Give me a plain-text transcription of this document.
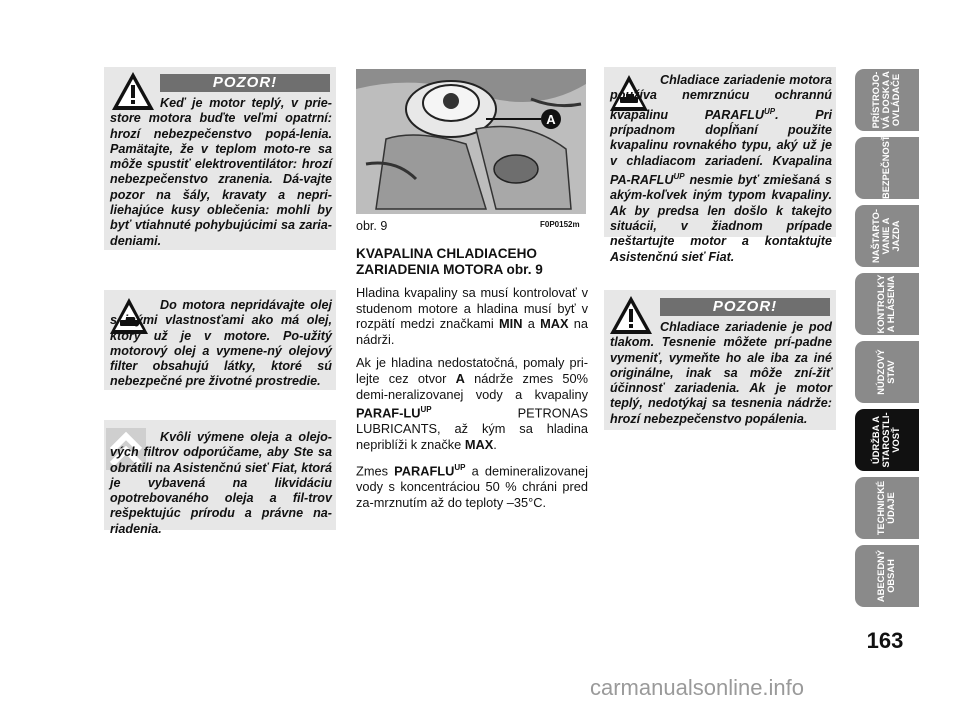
POZOR!

Keď je motor teplý, v prie-store motora buďte veľmi opatrní: hrozí nebezpečenstvo popá-lenia. Pamätajte, že v teplom moto-re sa môže spustiť elektroventilátor: hrozí nebezpečenstvo zranenia. Dá-vajte pozor na šály, kravaty a nepri-liehajúce kusy oblečenia: mohli by byť vtiahnuté pohybujúcimi sa zaria-deniami.

Do motora nepridávajte olej s inými vlastnosťami ako má olej, ktorý už je v motore. Po-užitý motorový olej a vymene-ný olejový filter obsahujú látky, ktoré sú nebezpečné pre životné prostredie.

Kvôli výmene oleja a olejo-vých filtrov odporúčame, aby Ste sa obrátili na Asistenčnú sieť Fiat, ktorá je vybavená na likvidáciu opotrebovaného oleja a fil-trov rešpektujúc prírodu a právne na-riadenia.

A
obr. 9	F0P0152m
KVAPALINA CHLADIACEHO
ZARIADENIA MOTORA obr. 9

Hladina kvapaliny sa musí kontrolovať v studenom motore a hladina musí byť v rozpätí medzi značkami MIN a MAX na nádrži.

Ak je hladina nedostatočná, pomaly pri-lejte cez otvor A nádrže zmes 50% demi-neralizovanej vody a kvapaliny PARAF-$LU^{UP}$ PETRONAS LUBRICANTS, až kým sa hladina nepriblíži k značke MAX.

Zmes $PARAFLU^{UP}$ a demineralizovanej vody s koncentráciou 50 % chráni pred za-mrznutím až do teploty –35°C.

Chladiace zariadenie motora používa nemrznúcu ochrannú kvapalinu $PARAFLU^{UP}$. Pri prípadnom dopĺňaní použite kvapalinu rovnakého typu, aký už je v chladiacom zariadení. Kvapalina $PA-RAFLU^{UP}$ nesmie byť zmiešaná s akým-koľvek iným typom kvapaliny. Ak by predsa len došlo k takejto situácii, v žiadnom prípade neštartujte motor a kontaktujte Asistenčnú sieť Fiat.

POZOR!

Chladiace zariadenie je pod tlakom. Tesnenie môžete prí-padne vymeniť, vymeňte ho ale iba za iné originálne, inak sa môže zní-žiť účinnosť zariadenia. Ak je motor teplý, nedotýkaj sa tesnenia nádrže: hrozí nebezpečenstvo popálenia.

PRÍSTROJO-
VÁ DOSKA A
OVLÁDAČE
BEZPEČNOSŤ
NAŠTARTO-
VANIE A
JAZDA
KONTROLKY
A HLÁSENIA
NÚDZOVÝ
STAV
ÚDRŽBA A
STAROSTLI-
VOSŤ
TECHNICKÉ
ÚDAJE
ABECEDNÝ
OBSAH
163
carmanualsonline.info
